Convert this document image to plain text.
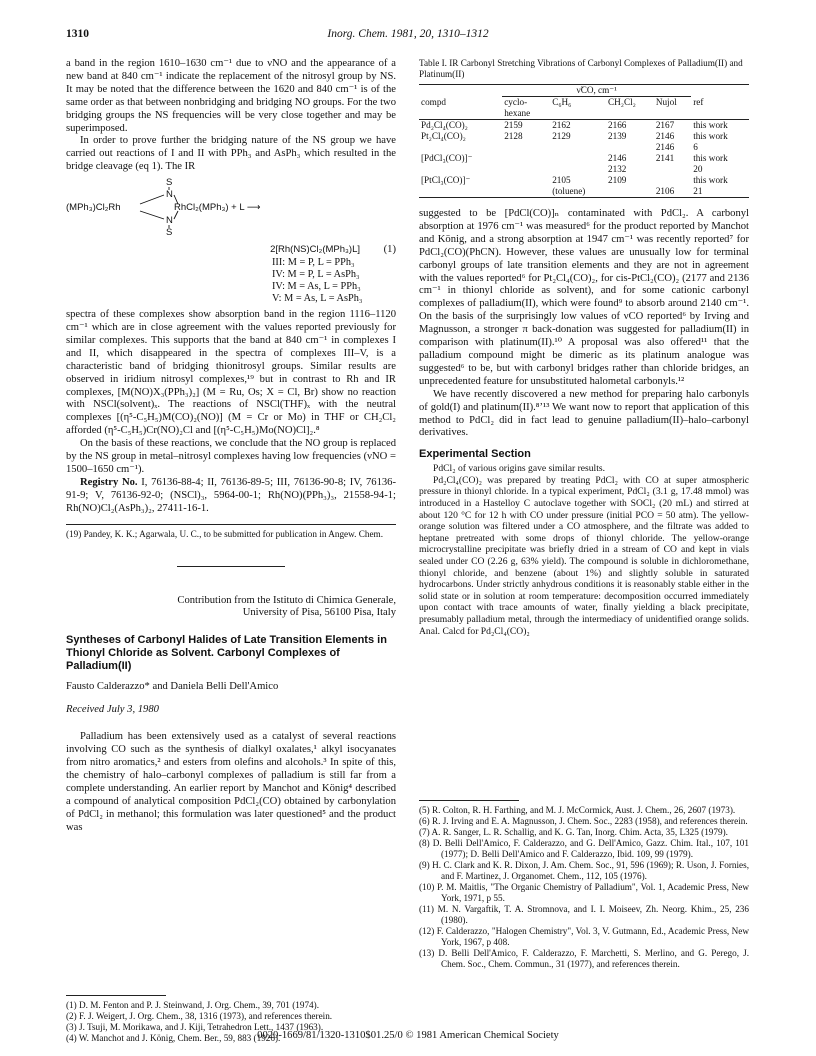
1310	Inorg. Chem. 1981, 20, 1310–1312

a band in the region 1610–1630 cm⁻¹ due to νNO and the appearance of a new band at 840 cm⁻¹ indicate the replacement of the nitrosyl group by NS. It may be noted that the difference between the 1620 and 840 cm⁻¹ is of the same order as that between nonbridging and bridging NO groups. For the two bridging groups the NS frequencies will be very close together and may be superimposed.

In order to prove further the bridging nature of the NS group we have carried out reactions of I and II with PPh₃ and AsPh₃ which resulted in the bridge cleavage (eq 1). The IR

S
N
(MPh₃)Cl₂Rh	RhCl₂(MPh₃) + L ⟶
N
S
2[Rh(NS)Cl₂(MPh₃)L] (1)
III: M = P, L = PPh₃
IV: M = P, L = AsPh₃
IV: M = As, L = PPh₃
V: M = As, L = AsPh₃

spectra of these complexes show absorption band in the region 1116–1120 cm⁻¹ which are in close agreement with the values reported previously for similar complexes. This supports that the band at 840 cm⁻¹ in complexes I and II, which disappeared in the spectra of complexes III–V, is a characteristic band of bridging thionitrosyl groups. Similar results are observed in iridium nitrosyl complexes,¹⁹ but in contrast to Rh and IR complexes, [M(NO)X₃(PPh₃)₂] (M = Ru, Os; X = Cl, Br) show no reaction with NSCl(solvent)ₓ. The reactions of NSCl(THF)ₓ with the neutral complexes [(η⁵-C₅H₅)M(CO)₂(NO)] (M = Cr or Mo) in THF or CH₂Cl₂ afforded (η⁵-C₅H₅)Cr(NO)₂Cl and [(η⁵-C₅H₅)Mo(NO)Cl]₂.⁸

On the basis of these reactions, we conclude that the NO group is replaced by the NS group in metal–nitrosyl complexes having low frequencies (νNO = 1500–1650 cm⁻¹).

Registry No. I, 76136-88-4; II, 76136-89-5; III, 76136-90-8; IV, 76136-91-9; V, 76136-92-0; (NSCl)₃, 5964-00-1; Rh(NO)(PPh₃)₃, 21558-94-1; Rh(NO)Cl₂(AsPh₃)₂, 27411-16-1.

(19) Pandey, K. K.; Agarwala, U. C., to be submitted for publication in Angew. Chem.
Contribution from the Istituto di Chimica Generale,
University of Pisa, 56100 Pisa, Italy
Syntheses of Carbonyl Halides of Late Transition Elements in Thionyl Chloride as Solvent. Carbonyl Complexes of Palladium(II)
Fausto Calderazzo* and Daniela Belli Dell'Amico
Received July 3, 1980

Palladium has been extensively used as a catalyst of several reactions involving CO such as the synthesis of dialkyl oxalates,¹ alkyl isocyanates from nitro aromatics,² and esters from olefins and alcohols.³ In spite of this, the chemistry of halo–carbonyl complexes of palladium is still far from a complete understanding. An earlier report by Manchot and König⁴ described a compound of analytical composition PdCl₂(CO) obtained by carbonylation of PdCl₂ in methanol; this formulation was later questioned⁵ and the product was

(1) D. M. Fenton and P. J. Steinwand, J. Org. Chem., 39, 701 (1974).
(2) F. J. Weigert, J. Org. Chem., 38, 1316 (1973), and references therein.
(3) J. Tsuji, M. Morikawa, and J. Kiji, Tetrahedron Lett., 1437 (1963).
(4) W. Manchot and J. König, Chem. Ber., 59, 883 (1926).
Table I. IR Carbonyl Stretching Vibrations of Carbonyl Complexes of Palladium(II) and Platinum(II)
	ν̃CO, cm⁻¹				
compd	cyclo-hexane	C₆H₆	CH₂Cl₂	Nujol	ref
Pd₂Cl₄(CO)₂	2159	2162	2166	2167	this work
Pt₂Cl₄(CO)₂	2128	2129	2139	2146	this work
				2146	6
[PdCl₃(CO)]⁻			2146	2141	this work
			2132		20
[PtCl₃(CO)]⁻		2105	2109		this work
		(toluene)		2106	21

suggested to be [PdCl(CO)]ₙ contaminated with PdCl₂. A carbonyl absorption at 1976 cm⁻¹ was measured⁶ for the product reported by Manchot and König, and a strong absorption at 1947 cm⁻¹ was recently reported⁷ for PdCl₂(CO)(PhCN). However, these values are unusually low for terminal carbonyl groups of late transition elements and they are not in agreement with the values reported⁶ for Pt₂Cl₄(CO)₂, for cis-PtCl₂(CO)₂ (2177 and 2136 cm⁻¹ in thionyl chloride as solvent), and for some cationic carbonyl complexes of palladium(II), which were found⁹ to absorb around 2140 cm⁻¹. On the basis of the surprisingly low values of νCO reported⁶ by Irving and Magnusson, a stronger π back-donation was suggested for palladium(II) in comparison with platinum(II).¹⁰ A proposal was also offered¹¹ that the palladium compound might be dimeric as its platinum analogue was suggested⁶ to be, but with carbonyl bridges rather than chloride bridges, an unprecedented feature for unsubstituted halometal carbonyls.¹²

We have recently discovered a new method for preparing halo carbonyls of gold(I) and platinum(II).⁸ʼ¹³ We want now to report that application of this method to PdCl₂ did in fact lead to genuine palladium(II)–halo–carbonyl derivatives.

Experimental Section

PdCl₂ of various origins gave similar results.

Pd₂Cl₄(CO)₂ was prepared by treating PdCl₂ with CO at super atmospheric pressure in thionyl chloride. In a typical experiment, PdCl₂ (3.1 g, 17.48 mmol) was introduced in a Hastelloy C autoclave together with SOCl₂ (20 mL) and stirred at about 120 °C for 12 h with CO under pressure (initial PCO = 50 atm). The yellow-orange solution was filtered under a CO atmosphere, and the filtrate was added to heptane pretreated with some drops of thionyl chloride. The yellow-orange microcrystalline precipitate was briefly dried in a stream of CO and kept in vials sealed under CO (2.26 g, 63% yield). The compound is soluble in dichloromethane, thionyl chloride, and benzene (about 1%) and slightly soluble in saturated hydrocarbons. Under strictly anhydrous conditions it is reasonably stable either in the solid state or in solution at room temperature: decomposition occurred immediately upon contact with trace amounts of water, finally yielding a black precipitate, presumably palladium metal, through the intermediacy of unidentified orange solids. Anal. Calcd for Pd₂Cl₄(CO)₂

(5) R. Colton, R. H. Farthing, and M. J. McCormick, Aust. J. Chem., 26, 2607 (1973).
(6) R. J. Irving and E. A. Magnusson, J. Chem. Soc., 2283 (1958), and references therein.
(7) A. R. Sanger, L. R. Schallig, and K. G. Tan, Inorg. Chim. Acta, 35, L325 (1979).
(8) D. Belli Dell'Amico, F. Calderazzo, and G. Dell'Amico, Gazz. Chim. Ital., 107, 101 (1977); D. Belli Dell'Amico and F. Calderazzo, Ibid. 109, 99 (1979).
(9) H. C. Clark and K. R. Dixon, J. Am. Chem. Soc., 91, 596 (1969); R. Uson, J. Fornies, and F. Martinez, J. Organomet. Chem., 112, 105 (1976).
(10) P. M. Maitlis, "The Organic Chemistry of Palladium", Vol. 1, Academic Press, New York, 1971, p 55.
(11) M. N. Vargaftik, T. A. Stromnova, and I. I. Moiseev, Zh. Neorg. Khim., 25, 236 (1980).
(12) F. Calderazzo, "Halogen Chemistry", Vol. 3, V. Gutmann, Ed., Academic Press, New York, 1967, p 408.
(13) D. Belli Dell'Amico, F. Calderazzo, F. Marchetti, S. Merlino, and G. Perego, J. Chem. Soc., Chem. Commun., 31 (1977), and references therein.
0020-1669/81/1320-1310$01.25/0 © 1981 American Chemical Society
